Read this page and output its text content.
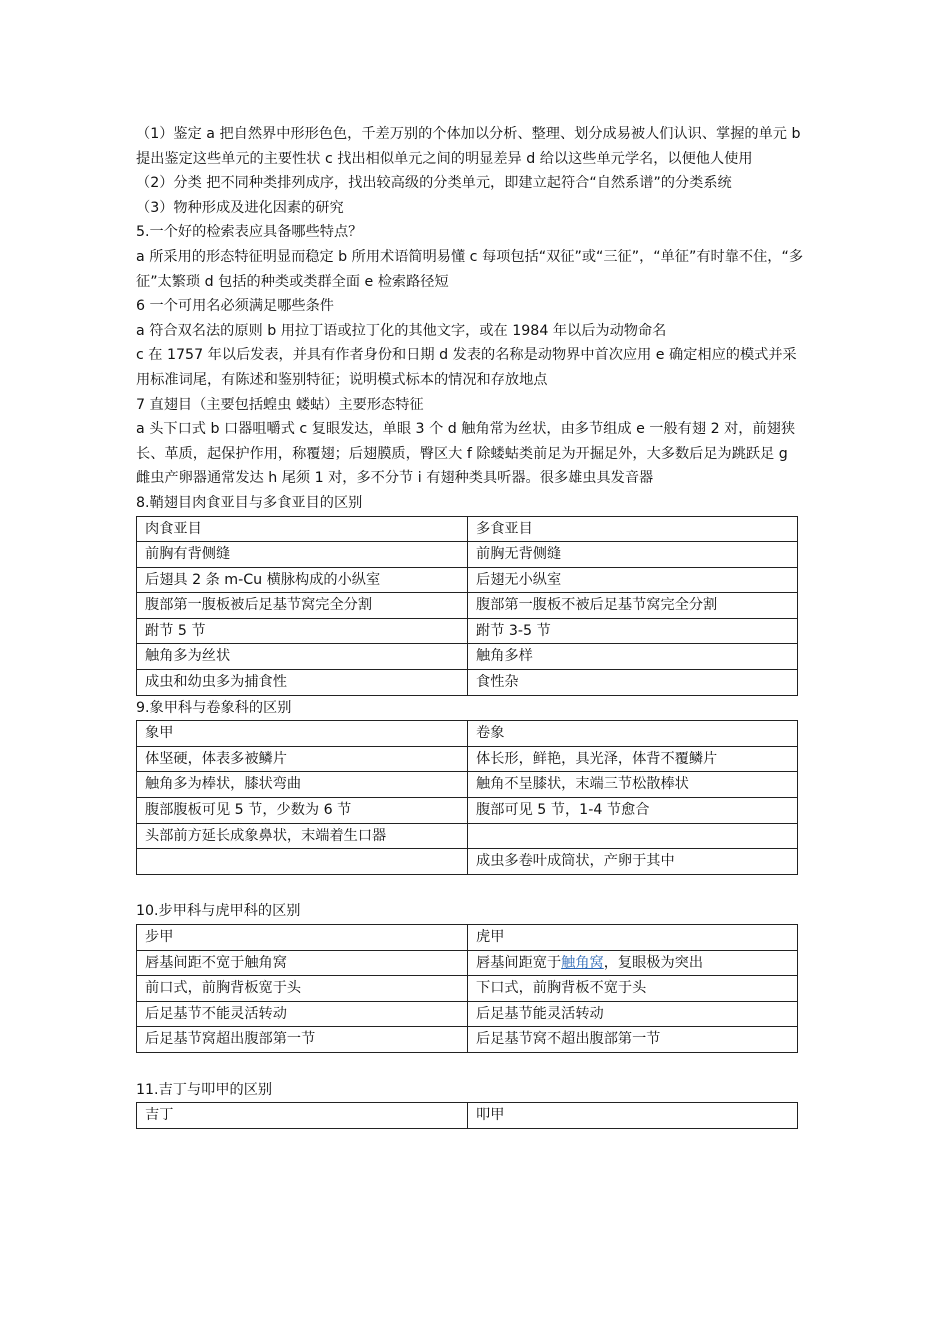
（1）鉴定 a 把自然界中形形色色，千差万别的个体加以分析、整理、划分成易被人们认识、掌握的单元 b 提出鉴定这些单元的主要性状 c 找出相似单元之间的明显差异 d 给以这些单元学名，以便他人使用

（2）分类 把不同种类排列成序，找出较高级的分类单元，即建立起符合“自然系谱”的分类系统

（3）物种形成及进化因素的研究

5.一个好的检索表应具备哪些特点？

a 所采用的形态特征明显而稳定 b 所用术语简明易懂 c 每项包括“双征”或“三征”，“单征”有时靠不住，“多征”太繁琐 d 包括的种类或类群全面 e 检索路径短

6 一个可用名必须满足哪些条件

a 符合双名法的原则 b 用拉丁语或拉丁化的其他文字，或在 1984 年以后为动物命名

c 在 1757 年以后发表，并具有作者身份和日期 d 发表的名称是动物界中首次应用 e 确定相应的模式并采用标准词尾，有陈述和鉴别特征；说明模式标本的情况和存放地点

7 直翅目（主要包括蝗虫 蝼蛄）主要形态特征

a 头下口式 b 口器咀嚼式 c 复眼发达，单眼 3 个 d 触角常为丝状，由多节组成 e 一般有翅 2 对，前翅狭长、革质，起保护作用，称覆翅；后翅膜质，臀区大 f 除蝼蛄类前足为开掘足外，大多数后足为跳跃足 g 雌虫产卵器通常发达 h 尾须 1 对，多不分节 i 有翅种类具听器。很多雄虫具发音器

8.鞘翅目肉食亚目与多食亚目的区别

肉食亚目	多食亚目
前胸有背侧缝	前胸无背侧缝
后翅具 2 条 m-Cu 横脉构成的小纵室	后翅无小纵室
腹部第一腹板被后足基节窝完全分割	腹部第一腹板不被后足基节窝完全分割
跗节 5 节	跗节 3-5 节
触角多为丝状	触角多样
成虫和幼虫多为捕食性	食性杂

9.象甲科与卷象科的区别

象甲	卷象
体坚硬，体表多被鳞片	体长形，鲜艳，具光泽，体背不覆鳞片
触角多为棒状，膝状弯曲	触角不呈膝状，末端三节松散棒状
腹部腹板可见 5 节，少数为 6 节	腹部可见 5 节，1-4 节愈合
头部前方延长成象鼻状，末端着生口器	
	成虫多卷叶成筒状，产卵于其中

10.步甲科与虎甲科的区别

步甲	虎甲
唇基间距不宽于触角窝	唇基间距宽于触角窝，复眼极为突出
前口式，前胸背板宽于头	下口式，前胸背板不宽于头
后足基节不能灵活转动	后足基节能灵活转动
后足基节窝超出腹部第一节	后足基节窝不超出腹部第一节

11.吉丁与叩甲的区别

吉丁	叩甲
